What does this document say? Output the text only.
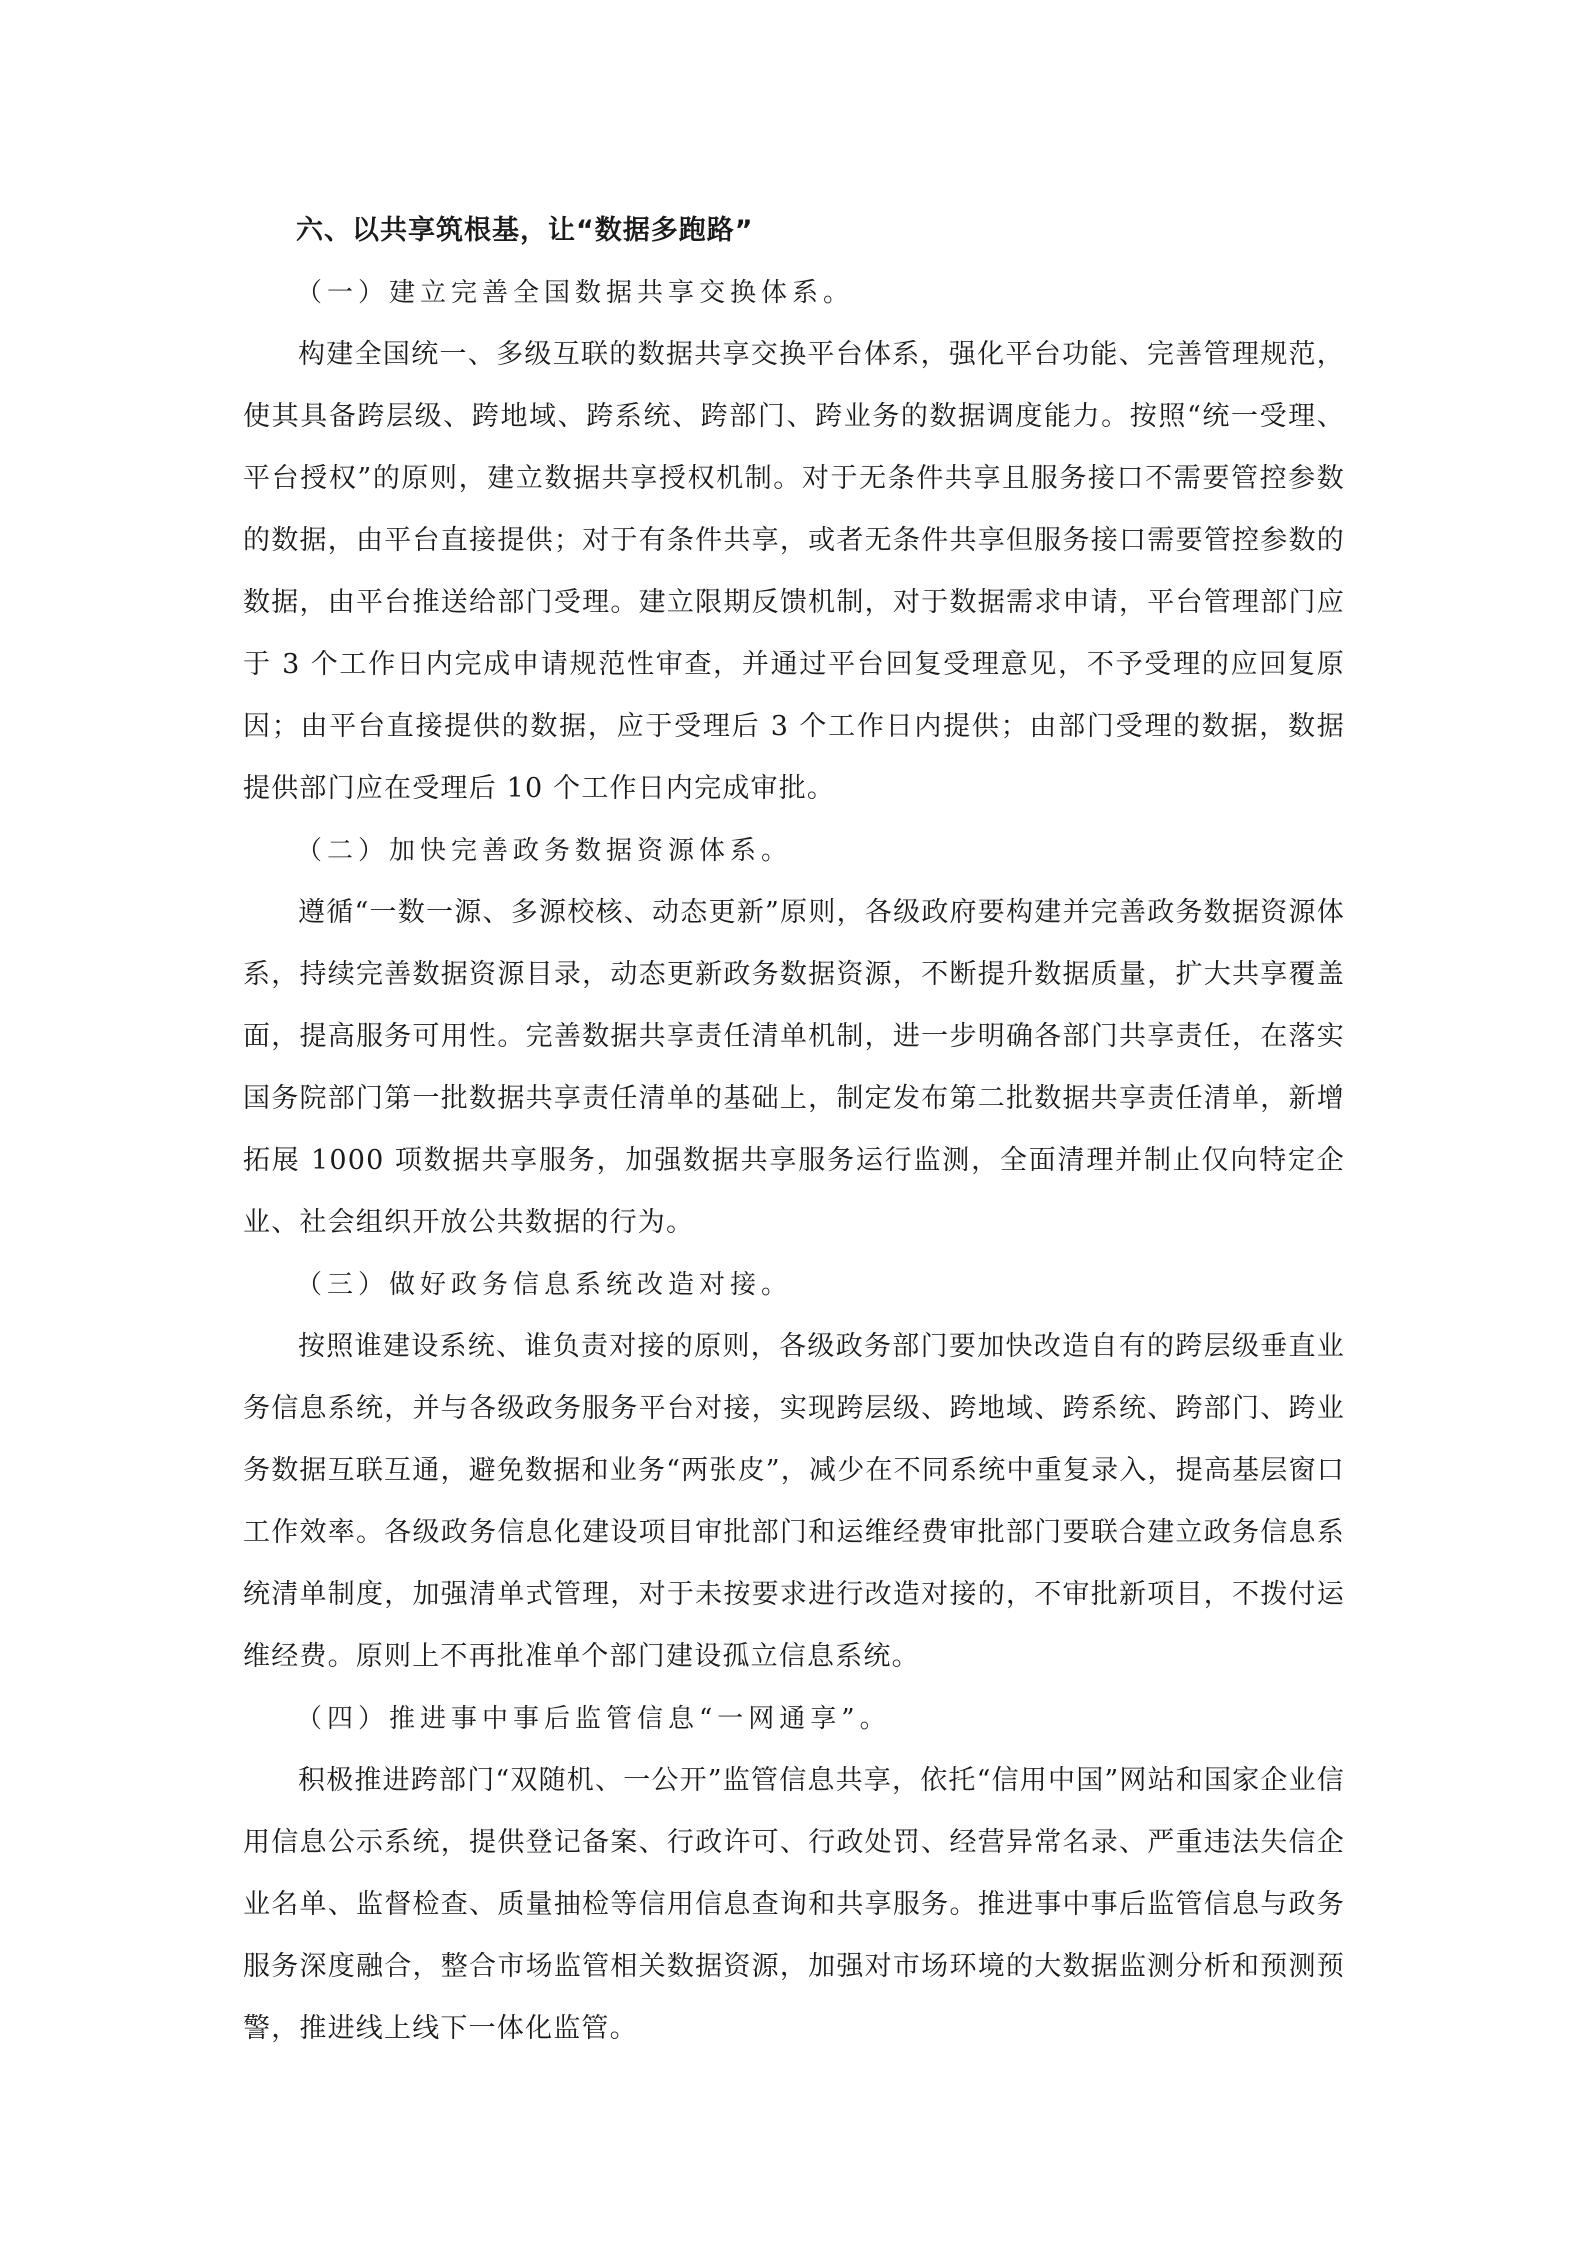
六、以共享筑根基，让“数据多跑路”
（一）建立完善全国数据共享交换体系。
构建全国统一、多级互联的数据共享交换平台体系，强化平台功能、完善管理规范，使其具备跨层级、跨地域、跨系统、跨部门、跨业务的数据调度能力。按照“统一受理、平台授权”的原则，建立数据共享授权机制。对于无条件共享且服务接口不需要管控参数的数据，由平台直接提供；对于有条件共享，或者无条件共享但服务接口需要管控参数的数据，由平台推送给部门受理。建立限期反馈机制，对于数据需求申请，平台管理部门应于 3 个工作日内完成申请规范性审查，并通过平台回复受理意见，不予受理的应回复原因；由平台直接提供的数据，应于受理后 3 个工作日内提供；由部门受理的数据，数据提供部门应在受理后 10 个工作日内完成审批。
（二）加快完善政务数据资源体系。
遵循“一数一源、多源校核、动态更新”原则，各级政府要构建并完善政务数据资源体系，持续完善数据资源目录，动态更新政务数据资源，不断提升数据质量，扩大共享覆盖面，提高服务可用性。完善数据共享责任清单机制，进一步明确各部门共享责任，在落实国务院部门第一批数据共享责任清单的基础上，制定发布第二批数据共享责任清单，新增拓展 1000 项数据共享服务，加强数据共享服务运行监测，全面清理并制止仅向特定企业、社会组织开放公共数据的行为。
（三）做好政务信息系统改造对接。
按照谁建设系统、谁负责对接的原则，各级政务部门要加快改造自有的跨层级垂直业务信息系统，并与各级政务服务平台对接，实现跨层级、跨地域、跨系统、跨部门、跨业务数据互联互通，避免数据和业务“两张皮”，减少在不同系统中重复录入，提高基层窗口工作效率。各级政务信息化建设项目审批部门和运维经费审批部门要联合建立政务信息系统清单制度，加强清单式管理，对于未按要求进行改造对接的，不审批新项目，不拨付运维经费。原则上不再批准单个部门建设孤立信息系统。
（四）推进事中事后监管信息“一网通享”。
积极推进跨部门“双随机、一公开”监管信息共享，依托“信用中国”网站和国家企业信用信息公示系统，提供登记备案、行政许可、行政处罚、经营异常名录、严重违法失信企业名单、监督检查、质量抽检等信用信息查询和共享服务。推进事中事后监管信息与政务服务深度融合，整合市场监管相关数据资源，加强对市场环境的大数据监测分析和预测预警，推进线上线下一体化监管。
